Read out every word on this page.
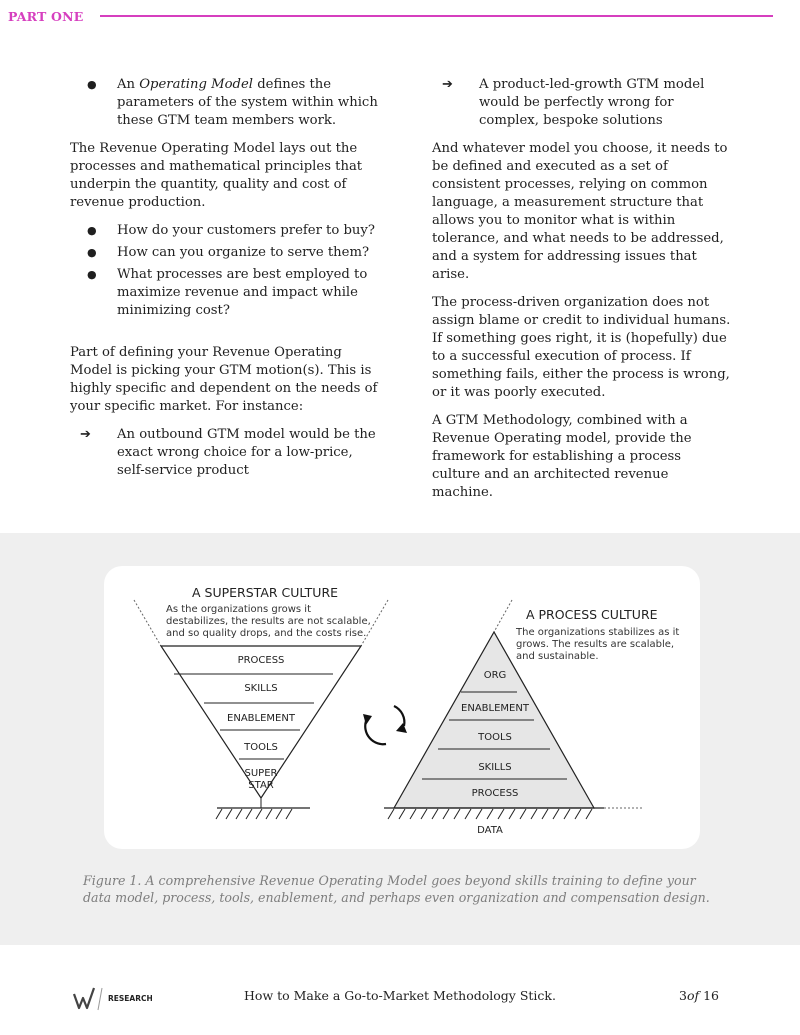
PART ONE
●	An Operating Model defines the parameters of the system within which these GTM team members work.

The Revenue Operating Model lays out the processes and mathematical principles that underpin the quantity, quality and cost of revenue production.

●	How do your customers prefer to buy?
●	How can you organize to serve them?
●	What processes are best employed to maximize revenue and impact while minimizing cost?

Part of defining your Revenue Operating Model is picking your GTM motion(s). This is highly specific and dependent on the needs of your specific market. For instance:

➔	An outbound GTM model would be the exact wrong choice for a low-price, self-service product
➔	A product-led-growth GTM model would be perfectly wrong for complex, bespoke solutions

And whatever model you choose, it needs to be defined and executed as a set of consistent processes, relying on common language, a measurement structure that allows you to monitor what is within tolerance, and what needs to be addressed, and a system for addressing issues that arise.

The process-driven organization does not assign blame or credit to individual humans. If something goes right, it is (hopefully) due to a successful execution of process. If something fails, either the process is wrong, or it was poorly executed.

A GTM Methodology, combined with a Revenue Operating model, provide the framework for establishing a process culture and an architected revenue machine.

A SUPERSTAR CULTURE
As the organizations grows it
destabilizes, the results are not scalable,
and so quality drops, and the costs rise.
PROCESS
SKILLS
ENABLEMENT
TOOLS
SUPER
STAR
A PROCESS CULTURE
The organizations stabilizes as it
grows. The results are scalable,
and sustainable.
ORG
ENABLEMENT
TOOLS
SKILLS
PROCESS
DATA
Figure 1. A comprehensive Revenue Operating Model goes beyond skills training to define your data model, process, tools, enablement, and perhaps even organization and compensation design.
RESEARCH	How to Make a Go-to-Market Methodology Stick.	3of 16
